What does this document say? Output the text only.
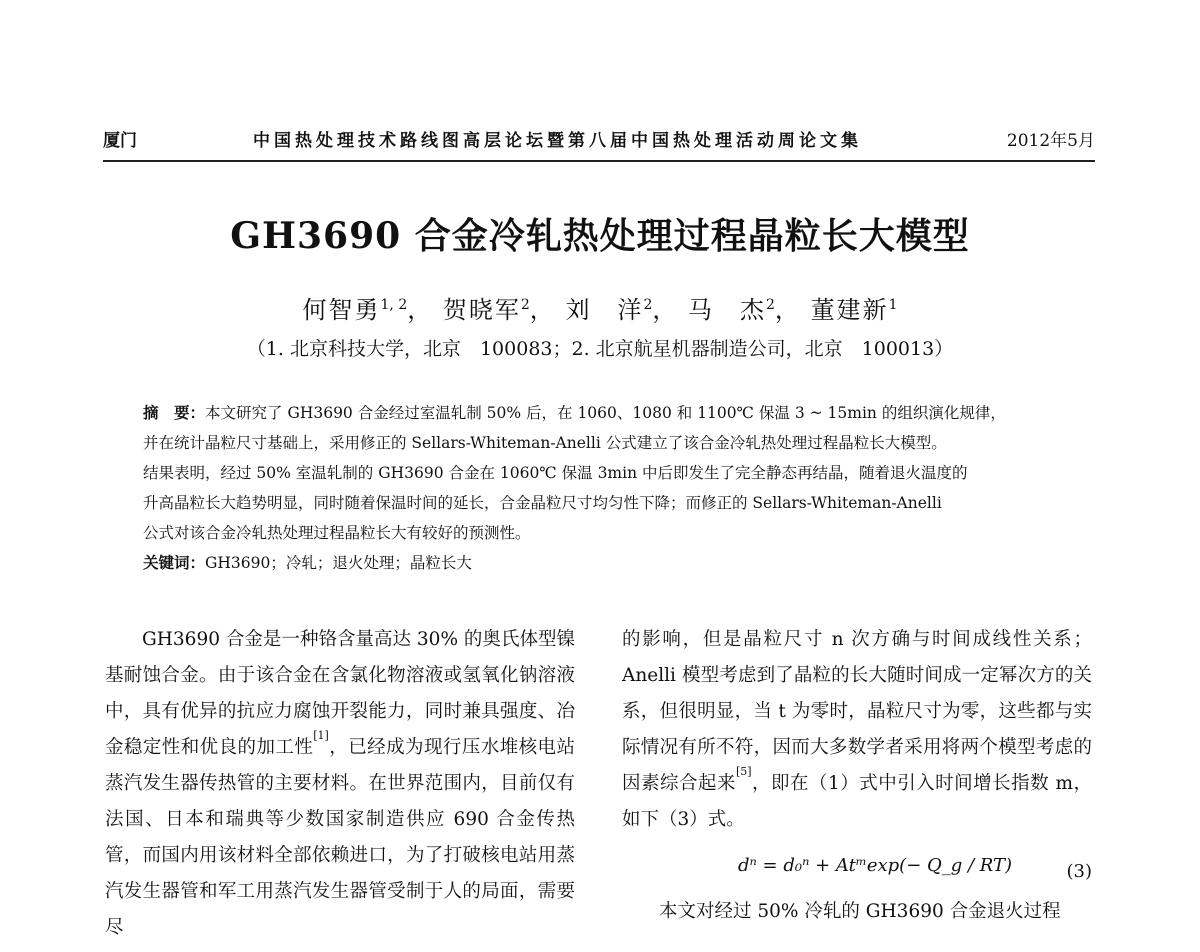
厦门	中国热处理技术路线图高层论坛暨第八届中国热处理活动周论文集	2012年5月
GH3690 合金冷轧热处理过程晶粒长大模型
何智勇$^{1, 2}$， 贺晓军$^2$， 刘　洋$^2$， 马　杰$^2$， 董建新$^1$
（1. 北京科技大学，北京　100083；2. 北京航星机器制造公司，北京　100013）
摘　要：本文研究了 GH3690 合金经过室温轧制 50% 后，在 1060、1080 和 1100℃ 保温 3 ~ 15min 的组织演化规律，
并在统计晶粒尺寸基础上，采用修正的 Sellars-Whiteman-Anelli 公式建立了该合金冷轧热处理过程晶粒长大模型。
结果表明，经过 50% 室温轧制的 GH3690 合金在 1060℃ 保温 3min 中后即发生了完全静态再结晶，随着退火温度的
升高晶粒长大趋势明显，同时随着保温时间的延长，合金晶粒尺寸均匀性下降；而修正的 Sellars-Whiteman-Anelli
公式对该合金冷轧热处理过程晶粒长大有较好的预测性。
关键词：GH3690；冷轧；退火处理；晶粒长大

GH3690 合金是一种铬含量高达 30% 的奥氏体型镍基耐蚀合金。由于该合金在含氯化物溶液或氢氧化钠溶液中，具有优异的抗应力腐蚀开裂能力，同时兼具强度、冶金稳定性和优良的加工性[1]，已经成为现行压水堆核电站蒸汽发生器传热管的主要材料。在世界范围内，目前仅有法国、日本和瑞典等少数国家制造供应 690 合金传热管，而国内用该材料全部依赖进口，为了打破核电站用蒸汽发生器管和军工用蒸汽发生器管受制于人的局面，需要尽

的影响，但是晶粒尺寸 n 次方确与时间成线性关系；Anelli 模型考虑到了晶粒的长大随时间成一定幂次方的关系，但很明显，当 t 为零时，晶粒尺寸为零，这些都与实际情况有所不符，因而大多数学者采用将两个模型考虑的因素综合起来[5]，即在（1）式中引入时间增长指数 m，如下（3）式。

dⁿ = d₀ⁿ + Atᵐexp(− Q_g / RT)	(3)

本文对经过 50% 冷轧的 GH3690 合金退火过程
